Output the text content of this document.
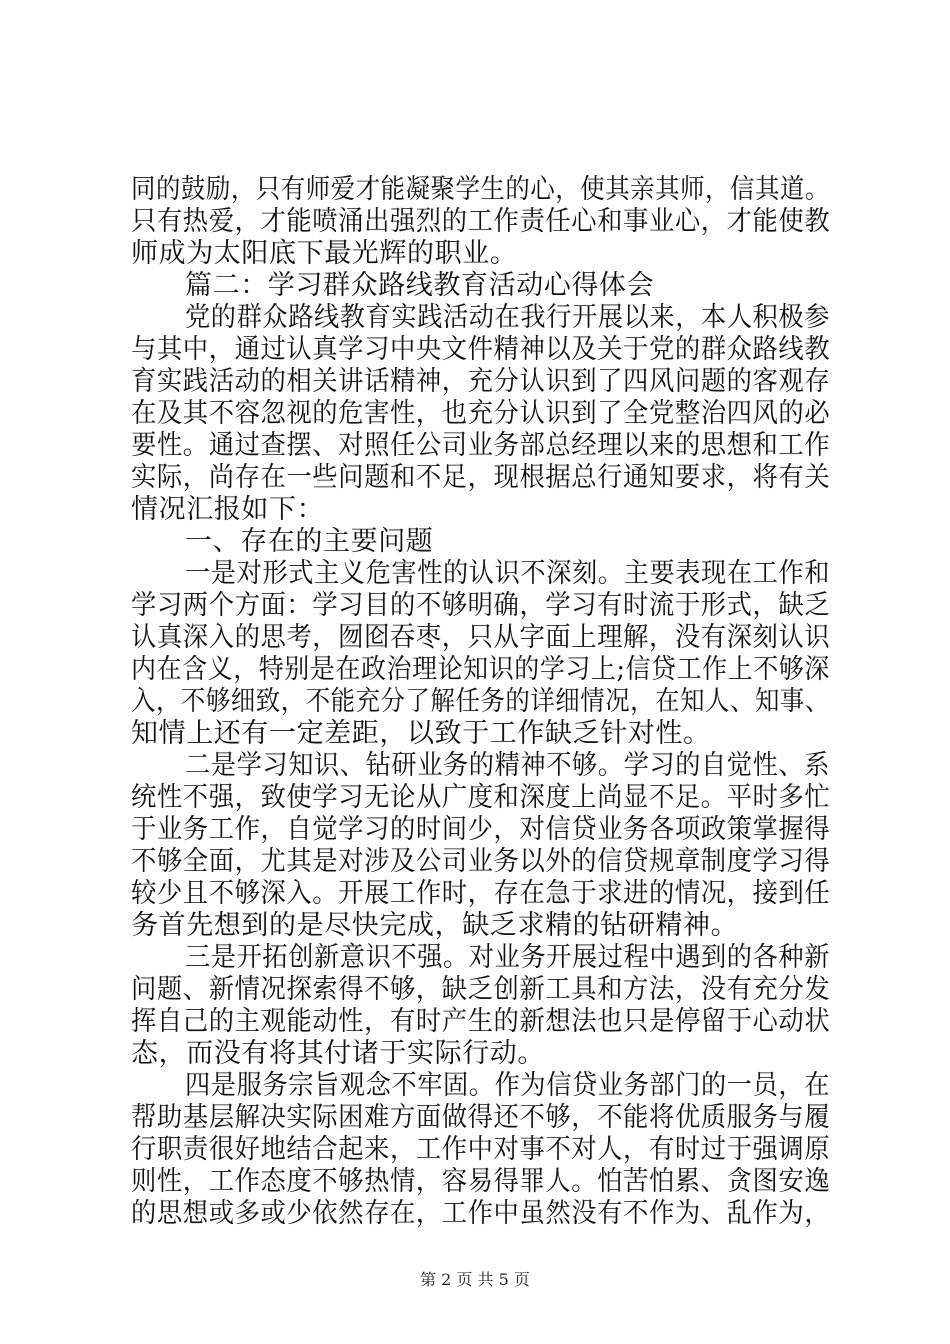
同的鼓励，只有师爱才能凝聚学生的心，使其亲其师，信其道。
只有热爱，才能喷涌出强烈的工作责任心和事业心，才能使教
师成为太阳底下最光辉的职业。
篇二：学习群众路线教育活动心得体会
党的群众路线教育实践活动在我行开展以来，本人积极参
与其中，通过认真学习中央文件精神以及关于党的群众路线教
育实践活动的相关讲话精神，充分认识到了四风问题的客观存
在及其不容忽视的危害性，也充分认识到了全党整治四风的必
要性。通过查摆、对照任公司业务部总经理以来的思想和工作
实际，尚存在一些问题和不足，现根据总行通知要求，将有关
情况汇报如下：
一、存在的主要问题
一是对形式主义危害性的认识不深刻。主要表现在工作和
学习两个方面：学习目的不够明确，学习有时流于形式，缺乏
认真深入的思考，囫囵吞枣，只从字面上理解，没有深刻认识
内在含义，特别是在政治理论知识的学习上;信贷工作上不够深
入，不够细致，不能充分了解任务的详细情况，在知人、知事、
知情上还有一定差距，以致于工作缺乏针对性。
二是学习知识、钻研业务的精神不够。学习的自觉性、系
统性不强，致使学习无论从广度和深度上尚显不足。平时多忙
于业务工作，自觉学习的时间少，对信贷业务各项政策掌握得
不够全面，尤其是对涉及公司业务以外的信贷规章制度学习得
较少且不够深入。开展工作时，存在急于求进的情况，接到任
务首先想到的是尽快完成，缺乏求精的钻研精神。
三是开拓创新意识不强。对业务开展过程中遇到的各种新
问题、新情况探索得不够，缺乏创新工具和方法，没有充分发
挥自己的主观能动性，有时产生的新想法也只是停留于心动状
态，而没有将其付诸于实际行动。
四是服务宗旨观念不牢固。作为信贷业务部门的一员，在
帮助基层解决实际困难方面做得还不够，不能将优质服务与履
行职责很好地结合起来，工作中对事不对人，有时过于强调原
则性，工作态度不够热情，容易得罪人。怕苦怕累、贪图安逸
的思想或多或少依然存在，工作中虽然没有不作为、乱作为，
第 2 页 共 5 页
